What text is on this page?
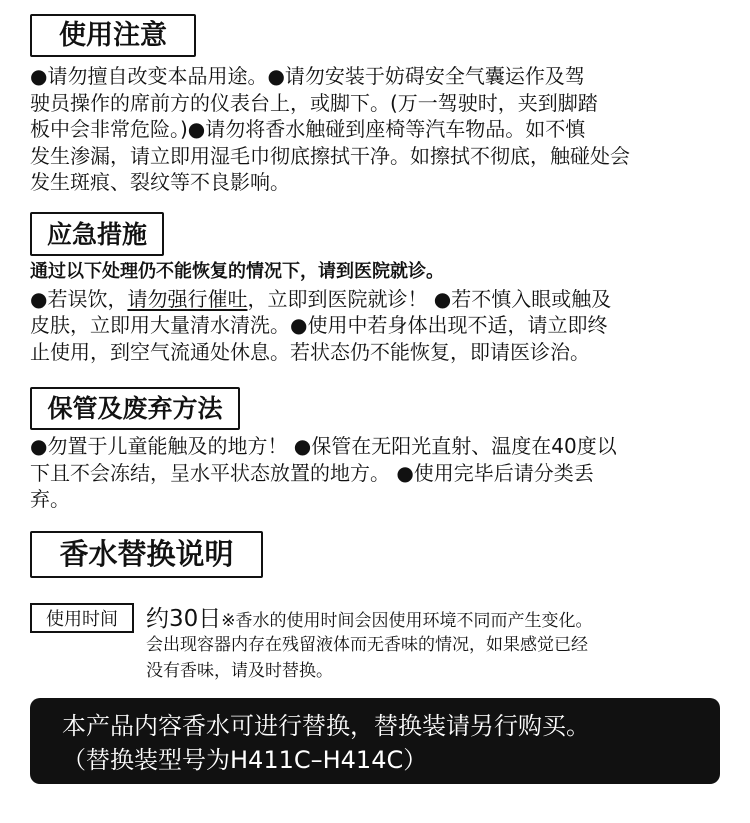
使用注意
●请勿擅自改变本品用途。●请勿安装于妨碍安全气囊运作及驾
驶员操作的席前方的仪表台上，或脚下。(万一驾驶时，夹到脚踏
板中会非常危险。)●请勿将香水触碰到座椅等汽车物品。如不慎
发生渗漏，请立即用湿毛巾彻底擦拭干净。如擦拭不彻底，触碰处会
发生斑痕、裂纹等不良影响。
应急措施
通过以下处理仍不能恢复的情况下，请到医院就诊。
●若误饮，请勿强行催吐，立即到医院就诊！ ●若不慎入眼或触及
皮肤，立即用大量清水清洗。●使用中若身体出现不适，请立即终
止使用，到空气流通处休息。若状态仍不能恢复，即请医诊治。
保管及废弃方法
●勿置于儿童能触及的地方！ ●保管在无阳光直射、温度在40度以
下且不会冻结，呈水平状态放置的地方。 ●使用完毕后请分类丢
弃。
香水替换说明
使用时间 约30日※香水的使用时间会因使用环境不同而产生变化。
会出现容器内存在残留液体而无香味的情况，如果感觉已经
没有香味，请及时替换。
本产品内容香水可进行替换，替换装请另行购买。
（替换装型号为H411C–H414C）
